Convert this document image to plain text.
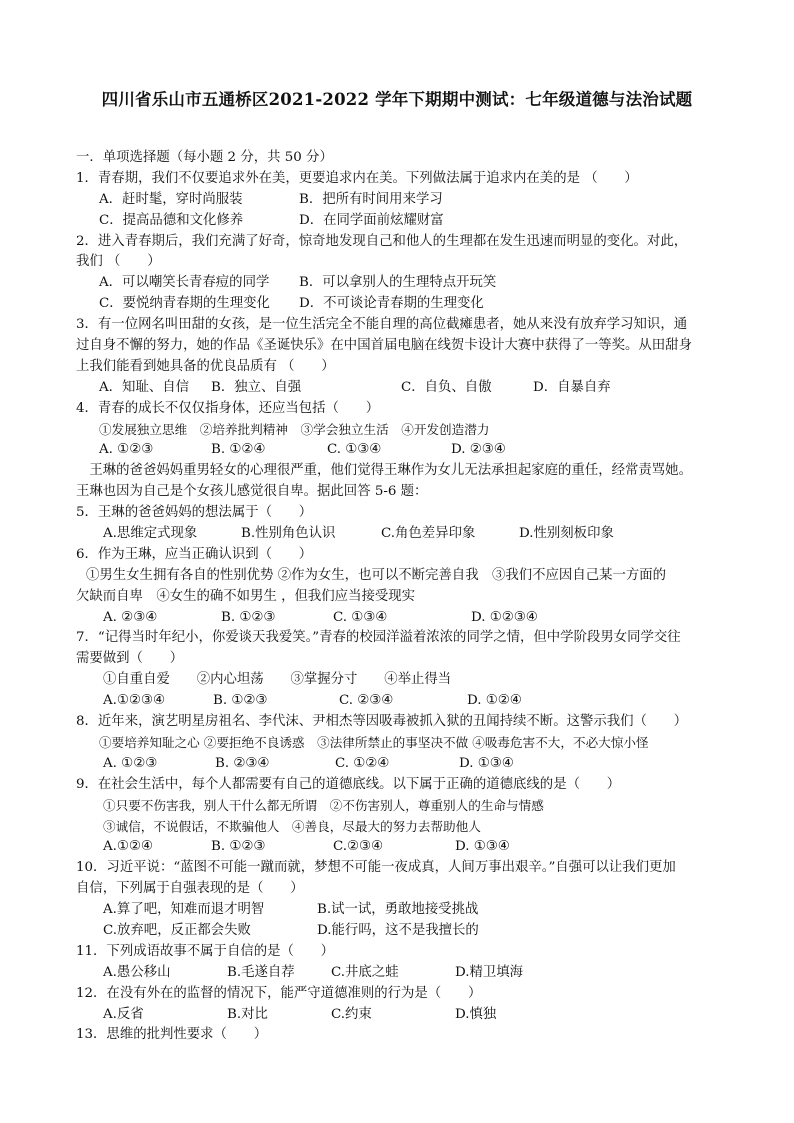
四川省乐山市五通桥区2021-2022 学年下期期中测试：七年级道德与法治试题
一．单项选择题（每小题 2 分，共 50 分）
1．青春期，我们不仅要追求外在美，更要追求内在美。下列做法属于追求内在美的是 （　　）
A．赶时髦，穿时尚服装	B．把所有时间用来学习
C．提高品德和文化修养	D．在同学面前炫耀财富
2．进入青春期后，我们充满了好奇，惊奇地发现自己和他人的生理都在发生迅速而明显的变化。对此，
我们 （　　）
A．可以嘲笑长青春痘的同学 B．可以拿别人的生理特点开玩笑
C．要悦纳青春期的生理变化 D．不可谈论青春期的生理变化
3．有一位网名叫田甜的女孩，是一位生活完全不能自理的高位截瘫患者，她从来没有放弃学习知识，通
过自身不懈的努力，她的作品《圣诞快乐》在中国首届电脑在线贺卡设计大赛中获得了一等奖。从田甜身
上我们能看到她具备的优良品质有 （　　）
A．知耻、自信 B．独立、自强	C．自负、自傲	D．自暴自弃
4．青春的成长不仅仅指身体，还应当包括（　　）
①发展独立思维　②培养批判精神　③学会独立生活　④开发创造潜力
A. ①②③	B. ①②④	C. ①③④	D. ②③④
　王琳的爸爸妈妈重男轻女的心理很严重，他们觉得王琳作为女儿无法承担起家庭的重任，经常责骂她。
王琳也因为自己是个女孩儿感觉很自卑。据此回答 5-6 题：
5．王琳的爸爸妈妈的想法属于（　　）
A.思维定式现象	B.性别角色认识	C.角色差异印象	D.性别刻板印象
6．作为王琳，应当正确认识到（　　）
①男生女生拥有各自的性别优势 ②作为女生，也可以不断完善自我　③我们不应因自己某一方面的
欠缺而自卑　④女生的确不如男生 ，但我们应当接受现实
A. ②③④	B. ①②③	C. ①③④	D. ①②③④
7．“记得当时年纪小，你爱谈天我爱笑。”青春的校园洋溢着浓浓的同学之情，但中学阶段男女同学交往
需要做到（　　）
①自重自爱　　②内心坦荡　　③掌握分寸　　④举止得当
A.①②③④	B. ①②③	C. ②③④	D. ①②④
8．近年来，演艺明星房祖名、李代沫、尹相杰等因吸毒被抓入狱的丑闻持续不断。这警示我们（　　）
①要培养知耻之心 ②要拒绝不良诱惑　③法律所禁止的事坚决不做 ④吸毒危害不大，不必大惊小怪
A. ①②③	B. ②③④	C. ①②④	D. ①③④
9．在社会生活中，每个人都需要有自己的道德底线。以下属于正确的道德底线的是（　　）
①只要不伤害我，别人干什么都无所谓　②不伤害别人，尊重别人的生命与情感
③诚信，不说假话，不欺骗他人　④善良，尽最大的努力去帮助他人
A.①②④	B. ①②③	C.②③④	D. ①③④
10．习近平说：“蓝图不可能一蹴而就，梦想不可能一夜成真，人间万事出艰辛。”自强可以让我们更加
自信，下列属于自强表现的是（　　）
A.算了吧，知难而退才明智	B.试一试，勇敢地接受挑战
C.放弃吧，反正都会失败	D.能行吗，这不是我擅长的
11．下列成语故事不属于自信的是（　　）
A.愚公移山	B.毛遂自荐	C.井底之蛙	D.精卫填海
12．在没有外在的监督的情况下，能严守道德准则的行为是（　　）
A.反省	B.对比	C.约束	D.慎独
13．思维的批判性要求（　　）
